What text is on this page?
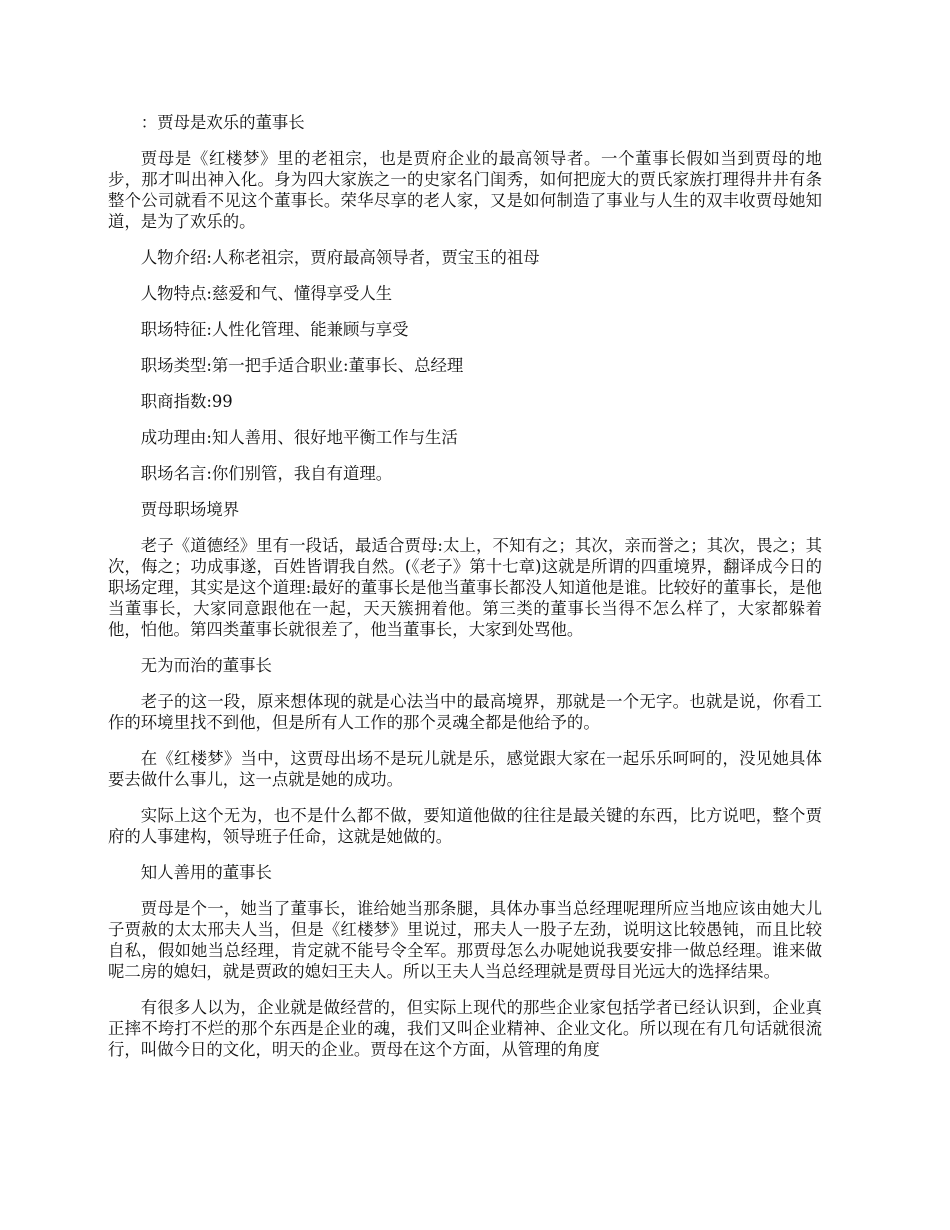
：贾母是欢乐的董事长

贾母是《红楼梦》里的老祖宗，也是贾府企业的最高领导者。一个董事长假如当到贾母的地步，那才叫出神入化。身为四大家族之一的史家名门闺秀，如何把庞大的贾氏家族打理得井井有条整个公司就看不见这个董事长。荣华尽享的老人家，又是如何制造了事业与人生的双丰收贾母她知道，是为了欢乐的。

人物介绍:人称老祖宗，贾府最高领导者，贾宝玉的祖母

人物特点:慈爱和气、懂得享受人生

职场特征:人性化管理、能兼顾与享受

职场类型:第一把手适合职业:董事长、总经理

职商指数:99

成功理由:知人善用、很好地平衡工作与生活

职场名言:你们别管，我自有道理。

贾母职场境界

老子《道德经》里有一段话，最适合贾母:太上，不知有之；其次，亲而誉之；其次，畏之；其次，侮之；功成事遂，百姓皆谓我自然。(《老子》第十七章)这就是所谓的四重境界，翻译成今日的职场定理，其实是这个道理:最好的董事长是他当董事长都没人知道他是谁。比较好的董事长，是他当董事长，大家同意跟他在一起，天天簇拥着他。第三类的董事长当得不怎么样了，大家都躲着他，怕他。第四类董事长就很差了，他当董事长，大家到处骂他。

无为而治的董事长

老子的这一段，原来想体现的就是心法当中的最高境界，那就是一个无字。也就是说，你看工作的环境里找不到他，但是所有人工作的那个灵魂全都是他给予的。

在《红楼梦》当中，这贾母出场不是玩儿就是乐，感觉跟大家在一起乐乐呵呵的，没见她具体要去做什么事儿，这一点就是她的成功。

实际上这个无为，也不是什么都不做，要知道他做的往往是最关键的东西，比方说吧，整个贾府的人事建构，领导班子任命，这就是她做的。

知人善用的董事长

贾母是个一，她当了董事长，谁给她当那条腿，具体办事当总经理呢理所应当地应该由她大儿子贾赦的太太邢夫人当，但是《红楼梦》里说过，邢夫人一股子左劲，说明这比较愚钝，而且比较自私，假如她当总经理，肯定就不能号令全军。那贾母怎么办呢她说我要安排一做总经理。谁来做呢二房的媳妇，就是贾政的媳妇王夫人。所以王夫人当总经理就是贾母目光远大的选择结果。

有很多人以为，企业就是做经营的，但实际上现代的那些企业家包括学者已经认识到，企业真正摔不垮打不烂的那个东西是企业的魂，我们又叫企业精神、企业文化。所以现在有几句话就很流行，叫做今日的文化，明天的企业。贾母在这个方面，从管理的角度
